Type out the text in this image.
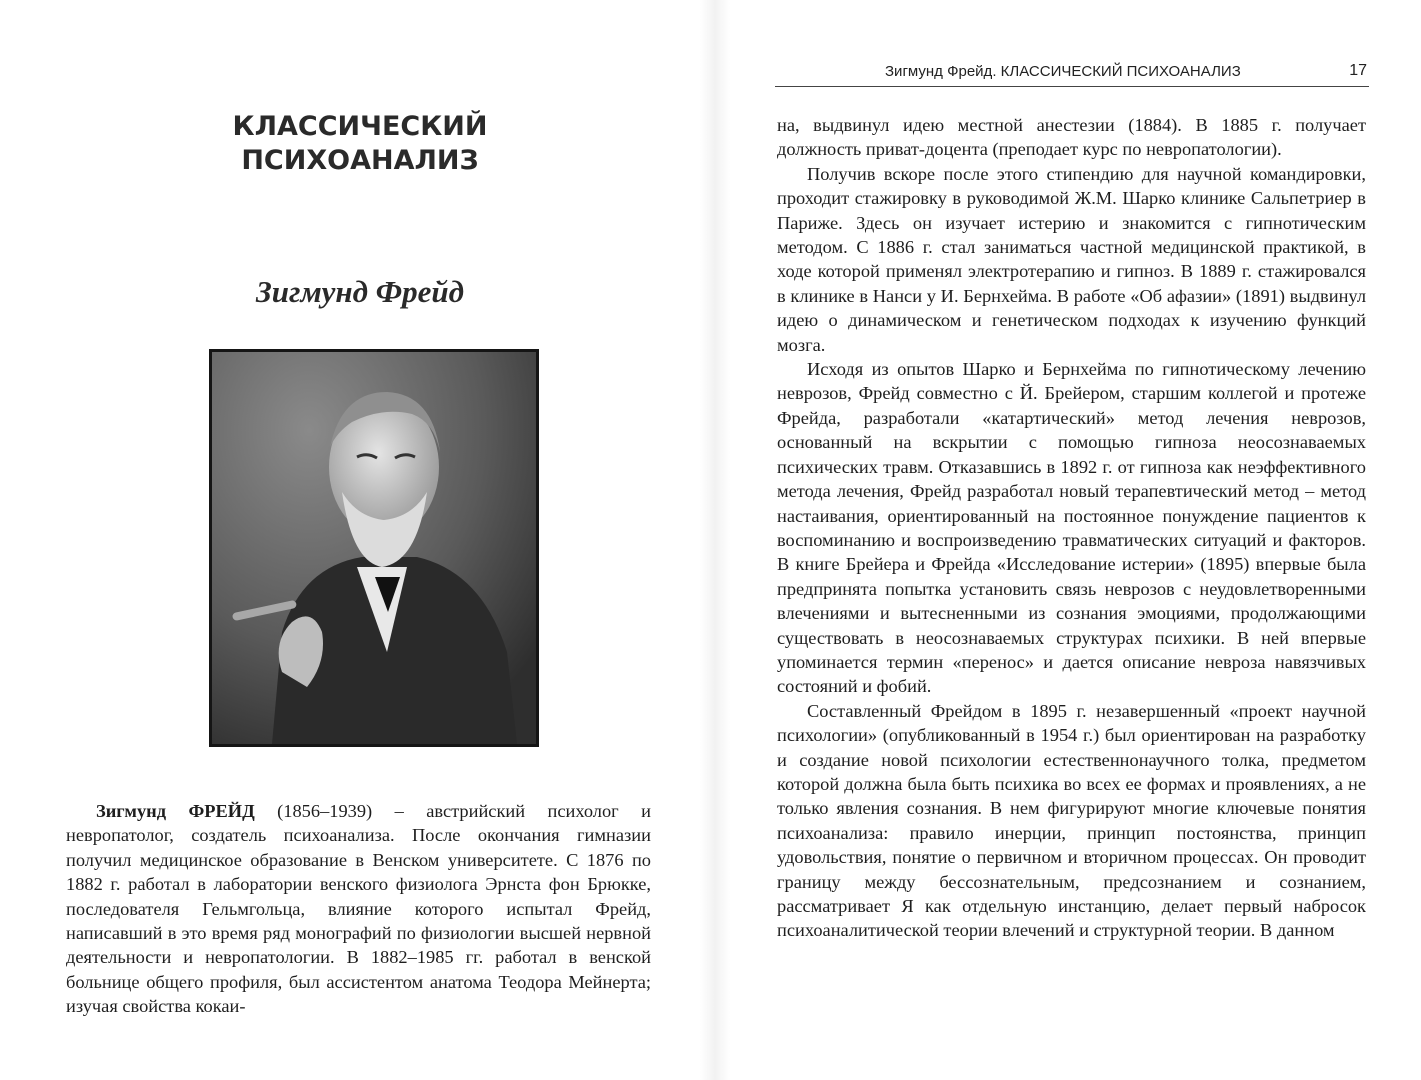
КЛАССИЧЕСКИЙ
ПСИХОАНАЛИЗ
Зигмунд Фрейд

Зигмунд ФРЕЙД (1856–1939) – австрийский психолог и невропатолог, создатель психоанализа. После окончания гимназии получил медицинское образование в Венском университете. С 1876 по 1882 г. работал в лаборатории венского физиолога Эрнста фон Брюкке, последователя Гельмгольца, влияние которого испытал Фрейд, написавший в это время ряд монографий по физиологии высшей нервной деятельности и невропатологии. В 1882–1985 гг. работал в венской больнице общего профиля, был ассистентом анатома Теодора Мейнерта; изучая свойства кокаи-

Зигмунд Фрейд. КЛАССИЧЕСКИЙ ПСИХОАНАЛИЗ	17

на, выдвинул идею местной анестезии (1884). В 1885 г. получает должность приват-доцента (преподает курс по невропатологии).

Получив вскоре после этого стипендию для научной командировки, проходит стажировку в руководимой Ж.М. Шарко клинике Сальпетриер в Париже. Здесь он изучает истерию и знакомится с гипнотическим методом. С 1886 г. стал заниматься частной медицинской практикой, в ходе которой применял электротерапию и гипноз. В 1889 г. стажировался в клинике в Нанси у И. Бернхейма. В работе «Об афазии» (1891) выдвинул идею о динамическом и генетическом подходах к изучению функций мозга.

Исходя из опытов Шарко и Бернхейма по гипнотическому лечению неврозов, Фрейд совместно с Й. Брейером, старшим коллегой и протеже Фрейда, разработали «катартический» метод лечения неврозов, основанный на вскрытии с помощью гипноза неосознаваемых психических травм. Отказавшись в 1892 г. от гипноза как неэффективного метода лечения, Фрейд разработал новый терапевтический метод – метод настаивания, ориентированный на постоянное понуждение пациентов к воспоминанию и воспроизведению травматических ситуаций и факторов. В книге Брейера и Фрейда «Исследование истерии» (1895) впервые была предпринята попытка установить связь неврозов с неудовлетворенными влечениями и вытесненными из сознания эмоциями, продолжающими существовать в неосознаваемых структурах психики. В ней впервые упоминается термин «перенос» и дается описание невроза навязчивых состояний и фобий.

Составленный Фрейдом в 1895 г. незавершенный «проект научной психологии» (опубликованный в 1954 г.) был ориентирован на разработку и создание новой психологии естественнонаучного толка, предметом которой должна была быть психика во всех ее формах и проявлениях, а не только явления сознания. В нем фигурируют многие ключевые понятия психоанализа: правило инерции, принцип постоянства, принцип удовольствия, понятие о первичном и вторичном процессах. Он проводит границу между бессознательным, предсознанием и сознанием, рассматривает Я как отдельную инстанцию, делает первый набросок психоаналитической теории влечений и структурной теории. В данном
